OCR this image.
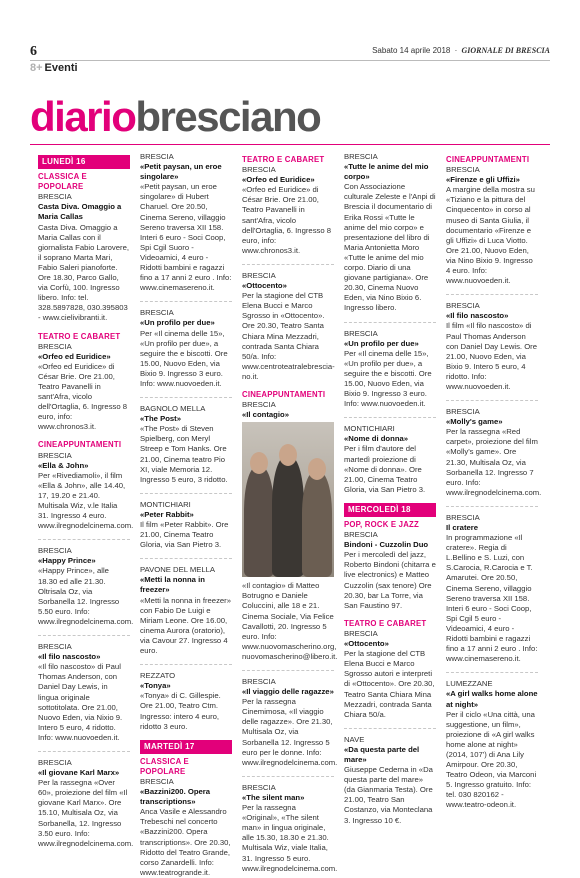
6	Sabato 14 aprile 2018 · GIORNALE DI BRESCIA
8+ Eventi
diariobresciano
LUNEDÌ 16
CLASSICA E POPOLARE
BRESCIA
Casta Diva. Omaggio a Maria Callas
Casta Diva. Omaggio a Maria Callas con il giornalista Fabio Larovere, il soprano Marta Mari, Fabio Saleri pianoforte. Ore 18.30, Parco Gallo, via Corfù, 100. Ingresso libero. Info: tel. 328.5897828, 030.395803 - www.cielivibranti.it.
TEATRO E CABARET
BRESCIA
«Orfeo ed Euridice»
«Orfeo ed Euridice» di César Brie. Ore 21.00, Teatro Pavanelli in sant'Afra, vicolo dell'Ortaglia, 6. Ingresso 8 euro, info: www.chronos3.it.
CINEAPPUNTAMENTI
BRESCIA
«Ella & John»
Per «Rivediamoli», il film «Ella & John», alle 14.40, 17, 19.20 e 21.40. Multisala Wiz, v.le Italia 31. Ingresso 4 euro. www.ilregnodelcinema.com.
BRESCIA
«Happy Prince»
«Happy Prince», alle 18.30 ed alle 21.30. Oltrisala Oz, via Sorbanella 12. Ingresso 5.50 euro. Info: www.ilregnodelcinema.com.
BRESCIA
«Il filo nascosto»
«Il filo nascosto» di Paul Thomas Anderson, con Daniel Day Lewis, in lingua originale sottotitolata. Ore 21.00, Nuovo Eden, via Nixio 9. Intero 5 euro, 4 ridotto. Info: www.nuovoeden.it.
BRESCIA
«Il giovane Karl Marx»
Per la rassegna «Over 60», proiezione del film «Il giovane Karl Marx». Ore 15.10, Multisala Oz, via Sorbanella, 12. Ingresso 3.50 euro. Info: www.ilregnodelcinema.com.
BRESCIA
«Petit paysan, un eroe singolare»
«Petit paysan, un eroe singolare» di Hubert Charuel. Ore 20.50, Cinema Sereno, villaggio Sereno traversa XII 158. Interi 6 euro - Soci Coop, Spi Cgil Suoro - Videoamici, 4 euro - Ridotti bambini e ragazzi fino a 17 anni 2 euro . Info: www.cinemasereno.it.
BRESCIA
«Un profilo per due»
Per «Il cinema delle 15», «Un profilo per due», a seguire the e biscotti. Ore 15.00, Nuovo Eden, via Bixio 9. Ingresso 3 euro. Info: www.nuovoeden.it.
BAGNOLO MELLA
«The Post»
«The Post» di Steven Spielberg, con Meryl Streep e Tom Hanks. Ore 21.00, Cinema teatro Pio XI, viale Memoria 12. Ingresso 5 euro, 3 ridotto.
MONTICHIARI
«Peter Rabbit»
Il film «Peter Rabbit». Ore 21.00, Cinema Teatro Gloria, via San Pietro 3.
PAVONE DEL MELLA
«Metti la nonna in freezer»
«Metti la nonna in freezer» con Fabio De Luigi e Miriam Leone. Ore 16.00, cinema Aurora (oratorio), via Cavour 27. Ingresso 4 euro.
REZZATO
«Tonya»
«Tonya» di C. Gillespie. Ore 21.00, Teatro Ctm. Ingresso: intero 4 euro, ridotto 3 euro.
MARTEDÌ 17
CLASSICA E POPOLARE
BRESCIA
«Bazzini200. Opera transcriptions»
Anca Vasile e Alessandro Trebeschi nel concerto «Bazzini200. Opera transcriptions». Ore 20.30, Ridotto del Teatro Grande, corso Zanardelli. Info: www.teatrogrande.it.
TEATRO E CABARET
BRESCIA
«Orfeo ed Euridice»
«Orfeo ed Euridice» di César Brie. Ore 21.00, Teatro Pavanelli in sant'Afra, vicolo dell'Ortaglia, 6. Ingresso 8 euro, info: www.chronos3.it.
BRESCIA
«Ottocento»
Per la stagione del CTB Elena Bucci e Marco Sgrosso in «Ottocento». Ore 20.30, Teatro Santa Chiara Mina Mezzadri, contrada Santa Chiara 50/a. Info: www.centroteatralebrescia-no.it.
CINEAPPUNTAMENTI
BRESCIA
«Il contagio»
«Il contagio» di Matteo Botrugno e Daniele Coluccini, alle 18 e 21. Cinema Sociale, Via Felice Cavallotti, 20. Ingresso 5 euro. Info: www.nuovomascherino.org, nuovomascherino@libero.it.
BRESCIA
«Il viaggio delle ragazze»
Per la rassegna Cinemimosa, «Il viaggio delle ragazze». Ore 21.30, Multisala Oz, via Sorbanella 12. Ingresso 5 euro per le donne. Info: www.ilregnodelcinema.com.
BRESCIA
«The silent man»
Per la rassegna «Original», «The silent man» in lingua originale, alle 15.30, 18.30 e 21.30. Multisala Wiz, viale Italia, 31. Ingresso 5 euro. www.ilregnodelcinema.com.
BRESCIA
«Tutte le anime del mio corpo»
Con Associazione culturale Zeleste e l'Anpi di Brescia il documentario di Erika Rossi «Tutte le anime del mio corpo» e presentazione del libro di Maria Antonietta Moro «Tutte le anime del mio corpo. Diario di una giovane partigiana». Ore 20.30, Cinema Nuovo Eden, via Nino Bixio 6. Ingresso libero.
BRESCIA
«Un profilo per due»
Per «Il cinema delle 15», «Un profilo per due», a seguire the e biscotti. Ore 15.00, Nuovo Eden, via Bixio 9. Ingresso 3 euro. Info: www.nuovoeden.it.
MONTICHIARI
«Nome di donna»
Per i film d'autore del martedì proiezione di «Nome di donna». Ore 21.00, Cinema Teatro Gloria, via San Pietro 3.
MERCOLEDÌ 18
POP, ROCK E JAZZ
BRESCIA
Bindoni - Cuzzolin Duo
Per i mercoledì del jazz, Roberto Bindoni (chitarra e live electronics) e Matteo Cuzzolin (sax tenore) Ore 20.30, bar La Torre, via San Faustino 97.
TEATRO E CABARET
BRESCIA
«Ottocento»
Per la stagione del CTB Elena Bucci e Marco Sgrosso autori e interpreti di «Ottocento». Ore 20.30, Teatro Santa Chiara Mina Mezzadri, contrada Santa Chiara 50/a.
NAVE
«Da questa parte del mare»
Giuseppe Cederna in «Da questa parte del mare» (da Gianmaria Testa). Ore 21.00, Teatro San Costanzo, via Monteclana 3. Ingresso 10 €.
CINEAPPUNTAMENTI
BRESCIA
«Firenze e gli Uffizi»
A margine della mostra su «Tiziano e la pittura del Cinquecento» in corso al museo di Santa Giulia, il documentario «Firenze e gli Uffizi» di Luca Viotto. Ore 21.00, Nuovo Eden, via Nino Bixio 9. Ingresso 4 euro. Info: www.nuovoeden.it.
BRESCIA
«Il filo nascosto»
Il film «Il filo nascosto» di Paul Thomas Anderson con Daniel Day Lewis. Ore 21.00, Nuovo Eden, via Bixio 9. Intero 5 euro, 4 ridotto. Info: www.nuovoeden.it.
BRESCIA
«Molly's game»
Per la rassegna «Red carpet», proiezione del film «Molly's game». Ore 21.30, Multisala Oz, via Sorbanella 12. Ingresso 7 euro. Info: www.ilregnodelcinema.com.
BRESCIA
Il cratere
In programmazione «Il cratere». Regia di L.Bellino e S. Luzi, con S.Carocia, R.Carocia e T. Amarutei. Ore 20.50, Cinema Sereno, villaggio Sereno traversa XII 158. Interi 6 euro - Soci Coop, Spi Cgil 5 euro - Videoamici, 4 euro - Ridotti bambini e ragazzi fino a 17 anni 2 euro . Info: www.cinemasereno.it.
LUMEZZANE
«A girl walks home alone at night»
Per il ciclo «Una città, una suggestione, un film», proiezione di «A girl walks home alone at night» (2014, 107') di Ana Lily Amirpour. Ore 20.30, Teatro Odeon, via Marconi 5. Ingresso gratuito. Info: tel. 030 820162 - www.teatro-odeon.it.
